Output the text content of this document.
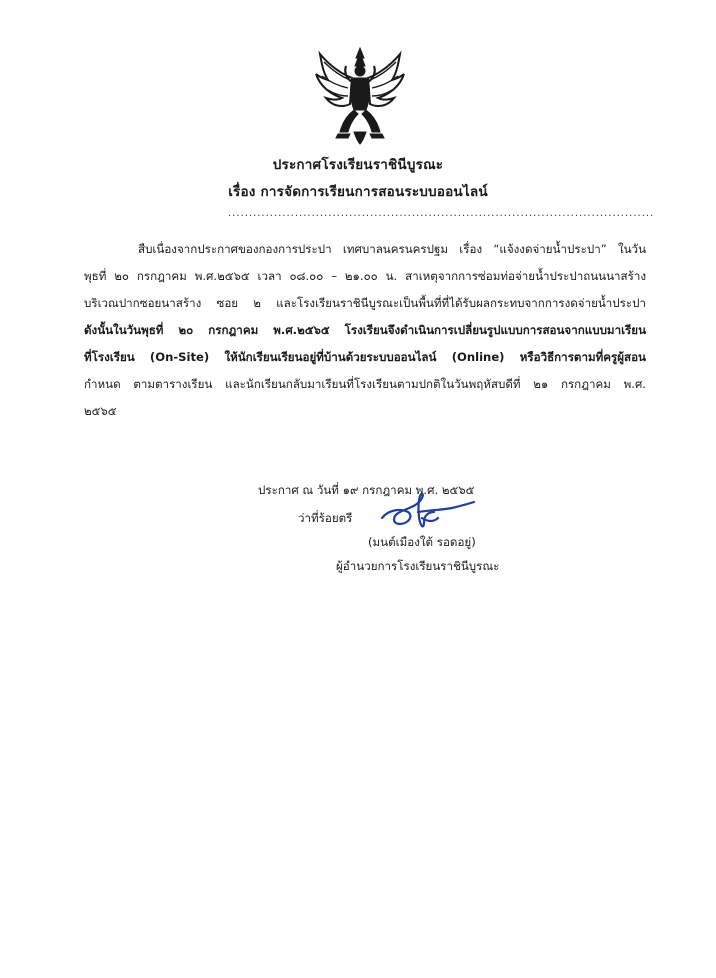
ประกาศโรงเรียนราชินีบูรณะ
เรื่อง การจัดการเรียนการสอนระบบออนไลน์
......................................................................................................
สืบเนื่องจากประกาศของกองการประปา เทศบาลนครนครปฐม เรื่อง “แจ้งงดจ่ายน้ำประปา” ในวัน
พุธที่ ๒๐ กรกฎาคม พ.ศ.๒๕๖๕ เวลา ๐๘.๐๐ – ๒๑.๐๐ น. สาเหตุจากการซ่อมท่อจ่ายน้ำประปาถนนนาสร้าง
บริเวณปากซอยนาสร้าง ซอย ๒ และโรงเรียนราชินีบูรณะเป็นพื้นที่ที่ได้รับผลกระทบจากการงดจ่ายน้ำประปา
ดังนั้นในวันพุธที่ ๒๐ กรกฎาคม พ.ศ.๒๕๖๕ โรงเรียนจึงดำเนินการเปลี่ยนรูปแบบการสอนจากแบบมาเรียน
ที่โรงเรียน (On-Site) ให้นักเรียนเรียนอยู่ที่บ้านด้วยระบบออนไลน์ (Online) หรือวิธีการตามที่ครูผู้สอน
กำหนด ตามตารางเรียน และนักเรียนกลับมาเรียนที่โรงเรียนตามปกติในวันพฤหัสบดีที่ ๒๑ กรกฎาคม พ.ศ.
๒๕๖๕
ประกาศ ณ วันที่ ๑๙ กรกฎาคม พ.ศ. ๒๕๖๕
ว่าที่ร้อยตรี
(มนต์เมืองใต้ รอดอยู่)
ผู้อำนวยการโรงเรียนราชินีบูรณะ
